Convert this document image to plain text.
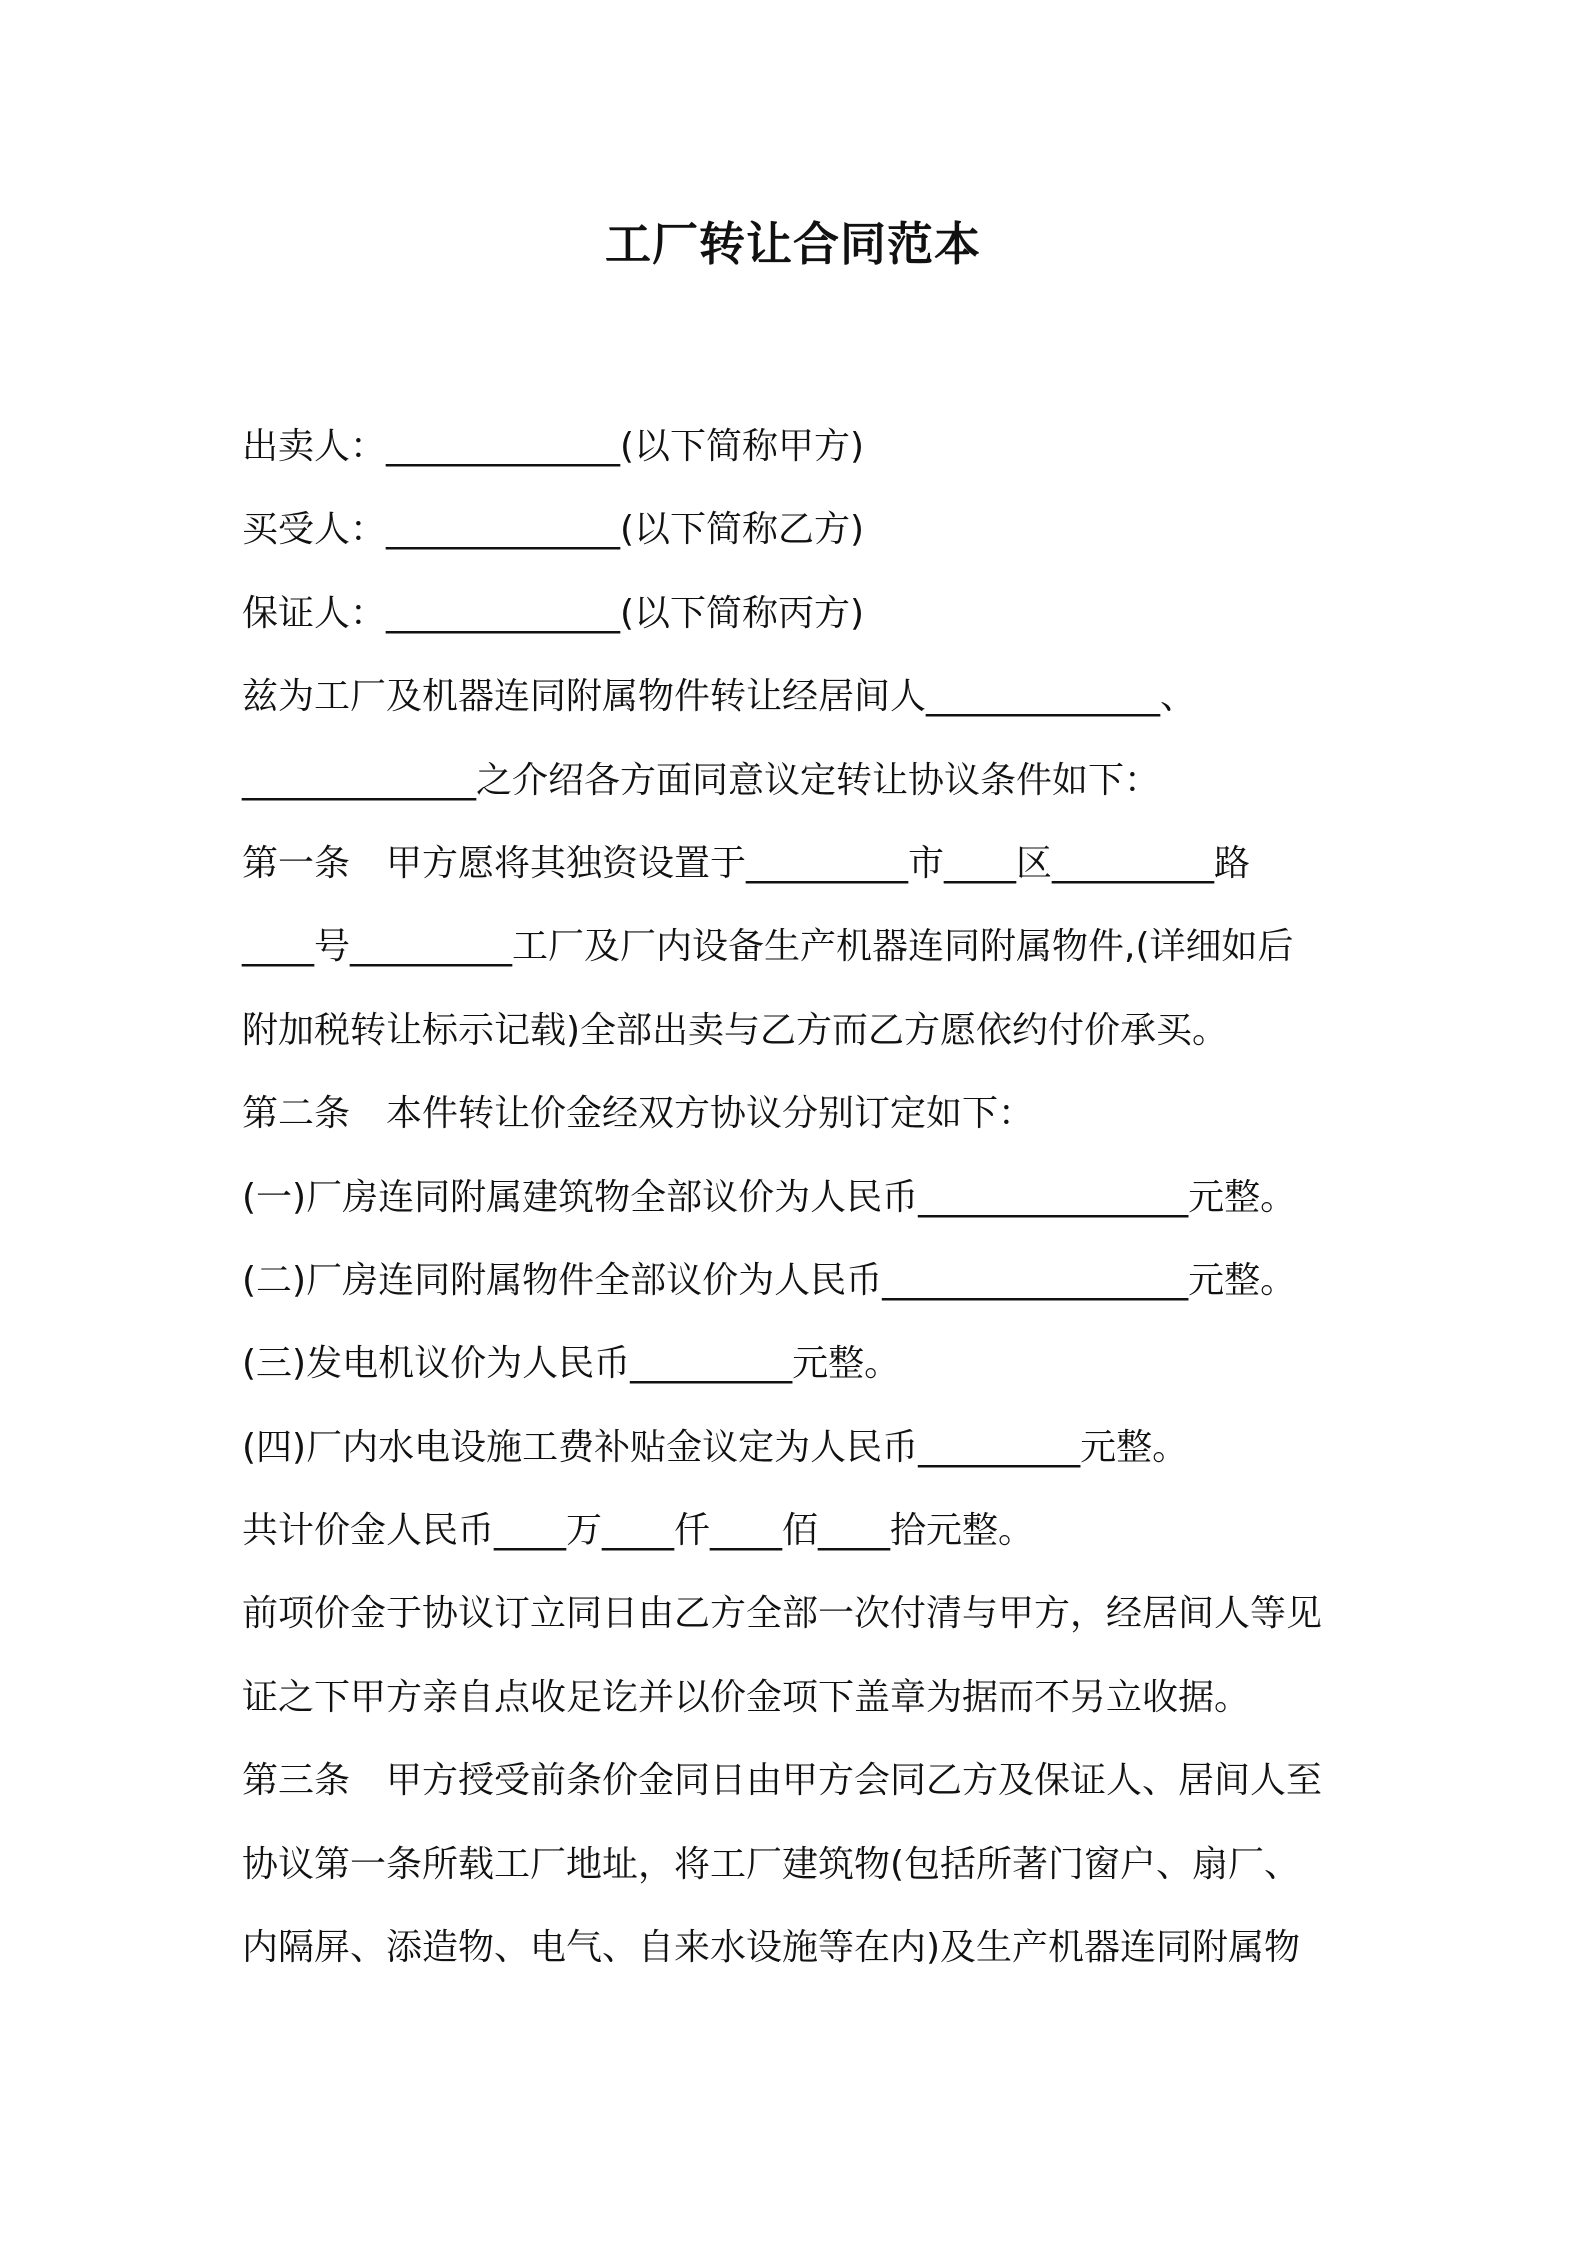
工厂转让合同范本
出卖人：_____________(以下简称甲方)
买受人：_____________(以下简称乙方)
保证人：_____________(以下简称丙方)
兹为工厂及机器连同附属物件转让经居间人_____________、
_____________之介绍各方面同意议定转让协议条件如下：
第一条　甲方愿将其独资设置于_________市____区_________路
____号_________工厂及厂内设备生产机器连同附属物件,(详细如后
附加税转让标示记载)全部出卖与乙方而乙方愿依约付价承买。
第二条　本件转让价金经双方协议分别订定如下：
(一)厂房连同附属建筑物全部议价为人民币_______________元整。
(二)厂房连同附属物件全部议价为人民币_________________元整。
(三)发电机议价为人民币_________元整。
(四)厂内水电设施工费补贴金议定为人民币_________元整。
共计价金人民币____万____仟____佰____拾元整。
前项价金于协议订立同日由乙方全部一次付清与甲方，经居间人等见
证之下甲方亲自点收足讫并以价金项下盖章为据而不另立收据。
第三条　甲方授受前条价金同日由甲方会同乙方及保证人、居间人至
协议第一条所载工厂地址，将工厂建筑物(包括所著门窗户、扇厂、
内隔屏、添造物、电气、自来水设施等在内)及生产机器连同附属物
